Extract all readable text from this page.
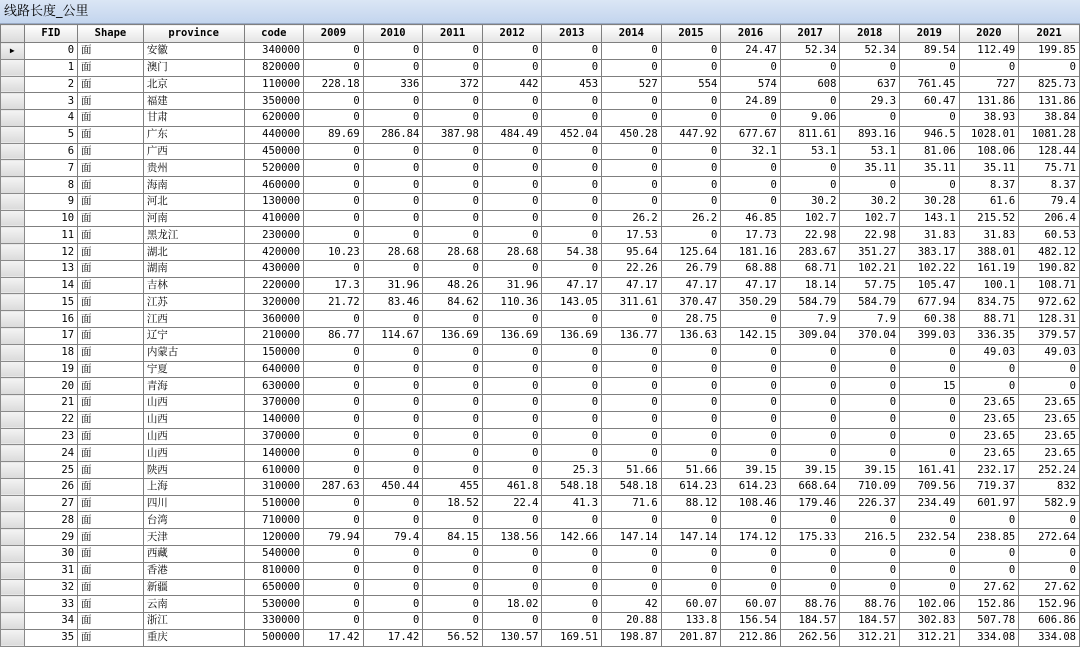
线路长度_公里
	FID	Shape	province	code	2009	2010	2011	2012	2013	2014	2015	2016	2017	2018	2019	2020	2021
▶	0	面	安徽	340000	0	0	0	0	0	0	0	24.47	52.34	52.34	89.54	112.49	199.85
	1	面	澳门	820000	0	0	0	0	0	0	0	0	0	0	0	0	0
	2	面	北京	110000	228.18	336	372	442	453	527	554	574	608	637	761.45	727	825.73
	3	面	福建	350000	0	0	0	0	0	0	0	24.89	0	29.3	60.47	131.86	131.86
	4	面	甘肃	620000	0	0	0	0	0	0	0	0	9.06	0	0	38.93	38.84
	5	面	广东	440000	89.69	286.84	387.98	484.49	452.04	450.28	447.92	677.67	811.61	893.16	946.5	1028.01	1081.28
	6	面	广西	450000	0	0	0	0	0	0	0	32.1	53.1	53.1	81.06	108.06	128.44
	7	面	贵州	520000	0	0	0	0	0	0	0	0	0	35.11	35.11	35.11	75.71
	8	面	海南	460000	0	0	0	0	0	0	0	0	0	0	0	8.37	8.37
	9	面	河北	130000	0	0	0	0	0	0	0	0	30.2	30.2	30.28	61.6	79.4
	10	面	河南	410000	0	0	0	0	0	26.2	26.2	46.85	102.7	102.7	143.1	215.52	206.4
	11	面	黑龙江	230000	0	0	0	0	0	17.53	0	17.73	22.98	22.98	31.83	31.83	60.53
	12	面	湖北	420000	10.23	28.68	28.68	28.68	54.38	95.64	125.64	181.16	283.67	351.27	383.17	388.01	482.12
	13	面	湖南	430000	0	0	0	0	0	22.26	26.79	68.88	68.71	102.21	102.22	161.19	190.82
	14	面	吉林	220000	17.3	31.96	48.26	31.96	47.17	47.17	47.17	47.17	18.14	57.75	105.47	100.1	108.71
	15	面	江苏	320000	21.72	83.46	84.62	110.36	143.05	311.61	370.47	350.29	584.79	584.79	677.94	834.75	972.62
	16	面	江西	360000	0	0	0	0	0	0	28.75	0	7.9	7.9	60.38	88.71	128.31
	17	面	辽宁	210000	86.77	114.67	136.69	136.69	136.69	136.77	136.63	142.15	309.04	370.04	399.03	336.35	379.57
	18	面	内蒙古	150000	0	0	0	0	0	0	0	0	0	0	0	49.03	49.03
	19	面	宁夏	640000	0	0	0	0	0	0	0	0	0	0	0	0	0
	20	面	青海	630000	0	0	0	0	0	0	0	0	0	0	15	0	0
	21	面	山西	370000	0	0	0	0	0	0	0	0	0	0	0	23.65	23.65
	22	面	山西	140000	0	0	0	0	0	0	0	0	0	0	0	23.65	23.65
	23	面	山西	370000	0	0	0	0	0	0	0	0	0	0	0	23.65	23.65
	24	面	山西	140000	0	0	0	0	0	0	0	0	0	0	0	23.65	23.65
	25	面	陕西	610000	0	0	0	0	25.3	51.66	51.66	39.15	39.15	39.15	161.41	232.17	252.24
	26	面	上海	310000	287.63	450.44	455	461.8	548.18	548.18	614.23	614.23	668.64	710.09	709.56	719.37	832
	27	面	四川	510000	0	0	18.52	22.4	41.3	71.6	88.12	108.46	179.46	226.37	234.49	601.97	582.9
	28	面	台湾	710000	0	0	0	0	0	0	0	0	0	0	0	0	0
	29	面	天津	120000	79.94	79.4	84.15	138.56	142.66	147.14	147.14	174.12	175.33	216.5	232.54	238.85	272.64
	30	面	西藏	540000	0	0	0	0	0	0	0	0	0	0	0	0	0
	31	面	香港	810000	0	0	0	0	0	0	0	0	0	0	0	0	0
	32	面	新疆	650000	0	0	0	0	0	0	0	0	0	0	0	27.62	27.62
	33	面	云南	530000	0	0	0	18.02	0	42	60.07	60.07	88.76	88.76	102.06	152.86	152.96
	34	面	浙江	330000	0	0	0	0	0	20.88	133.8	156.54	184.57	184.57	302.83	507.78	606.86
	35	面	重庆	500000	17.42	17.42	56.52	130.57	169.51	198.87	201.87	212.86	262.56	312.21	312.21	334.08	334.08
